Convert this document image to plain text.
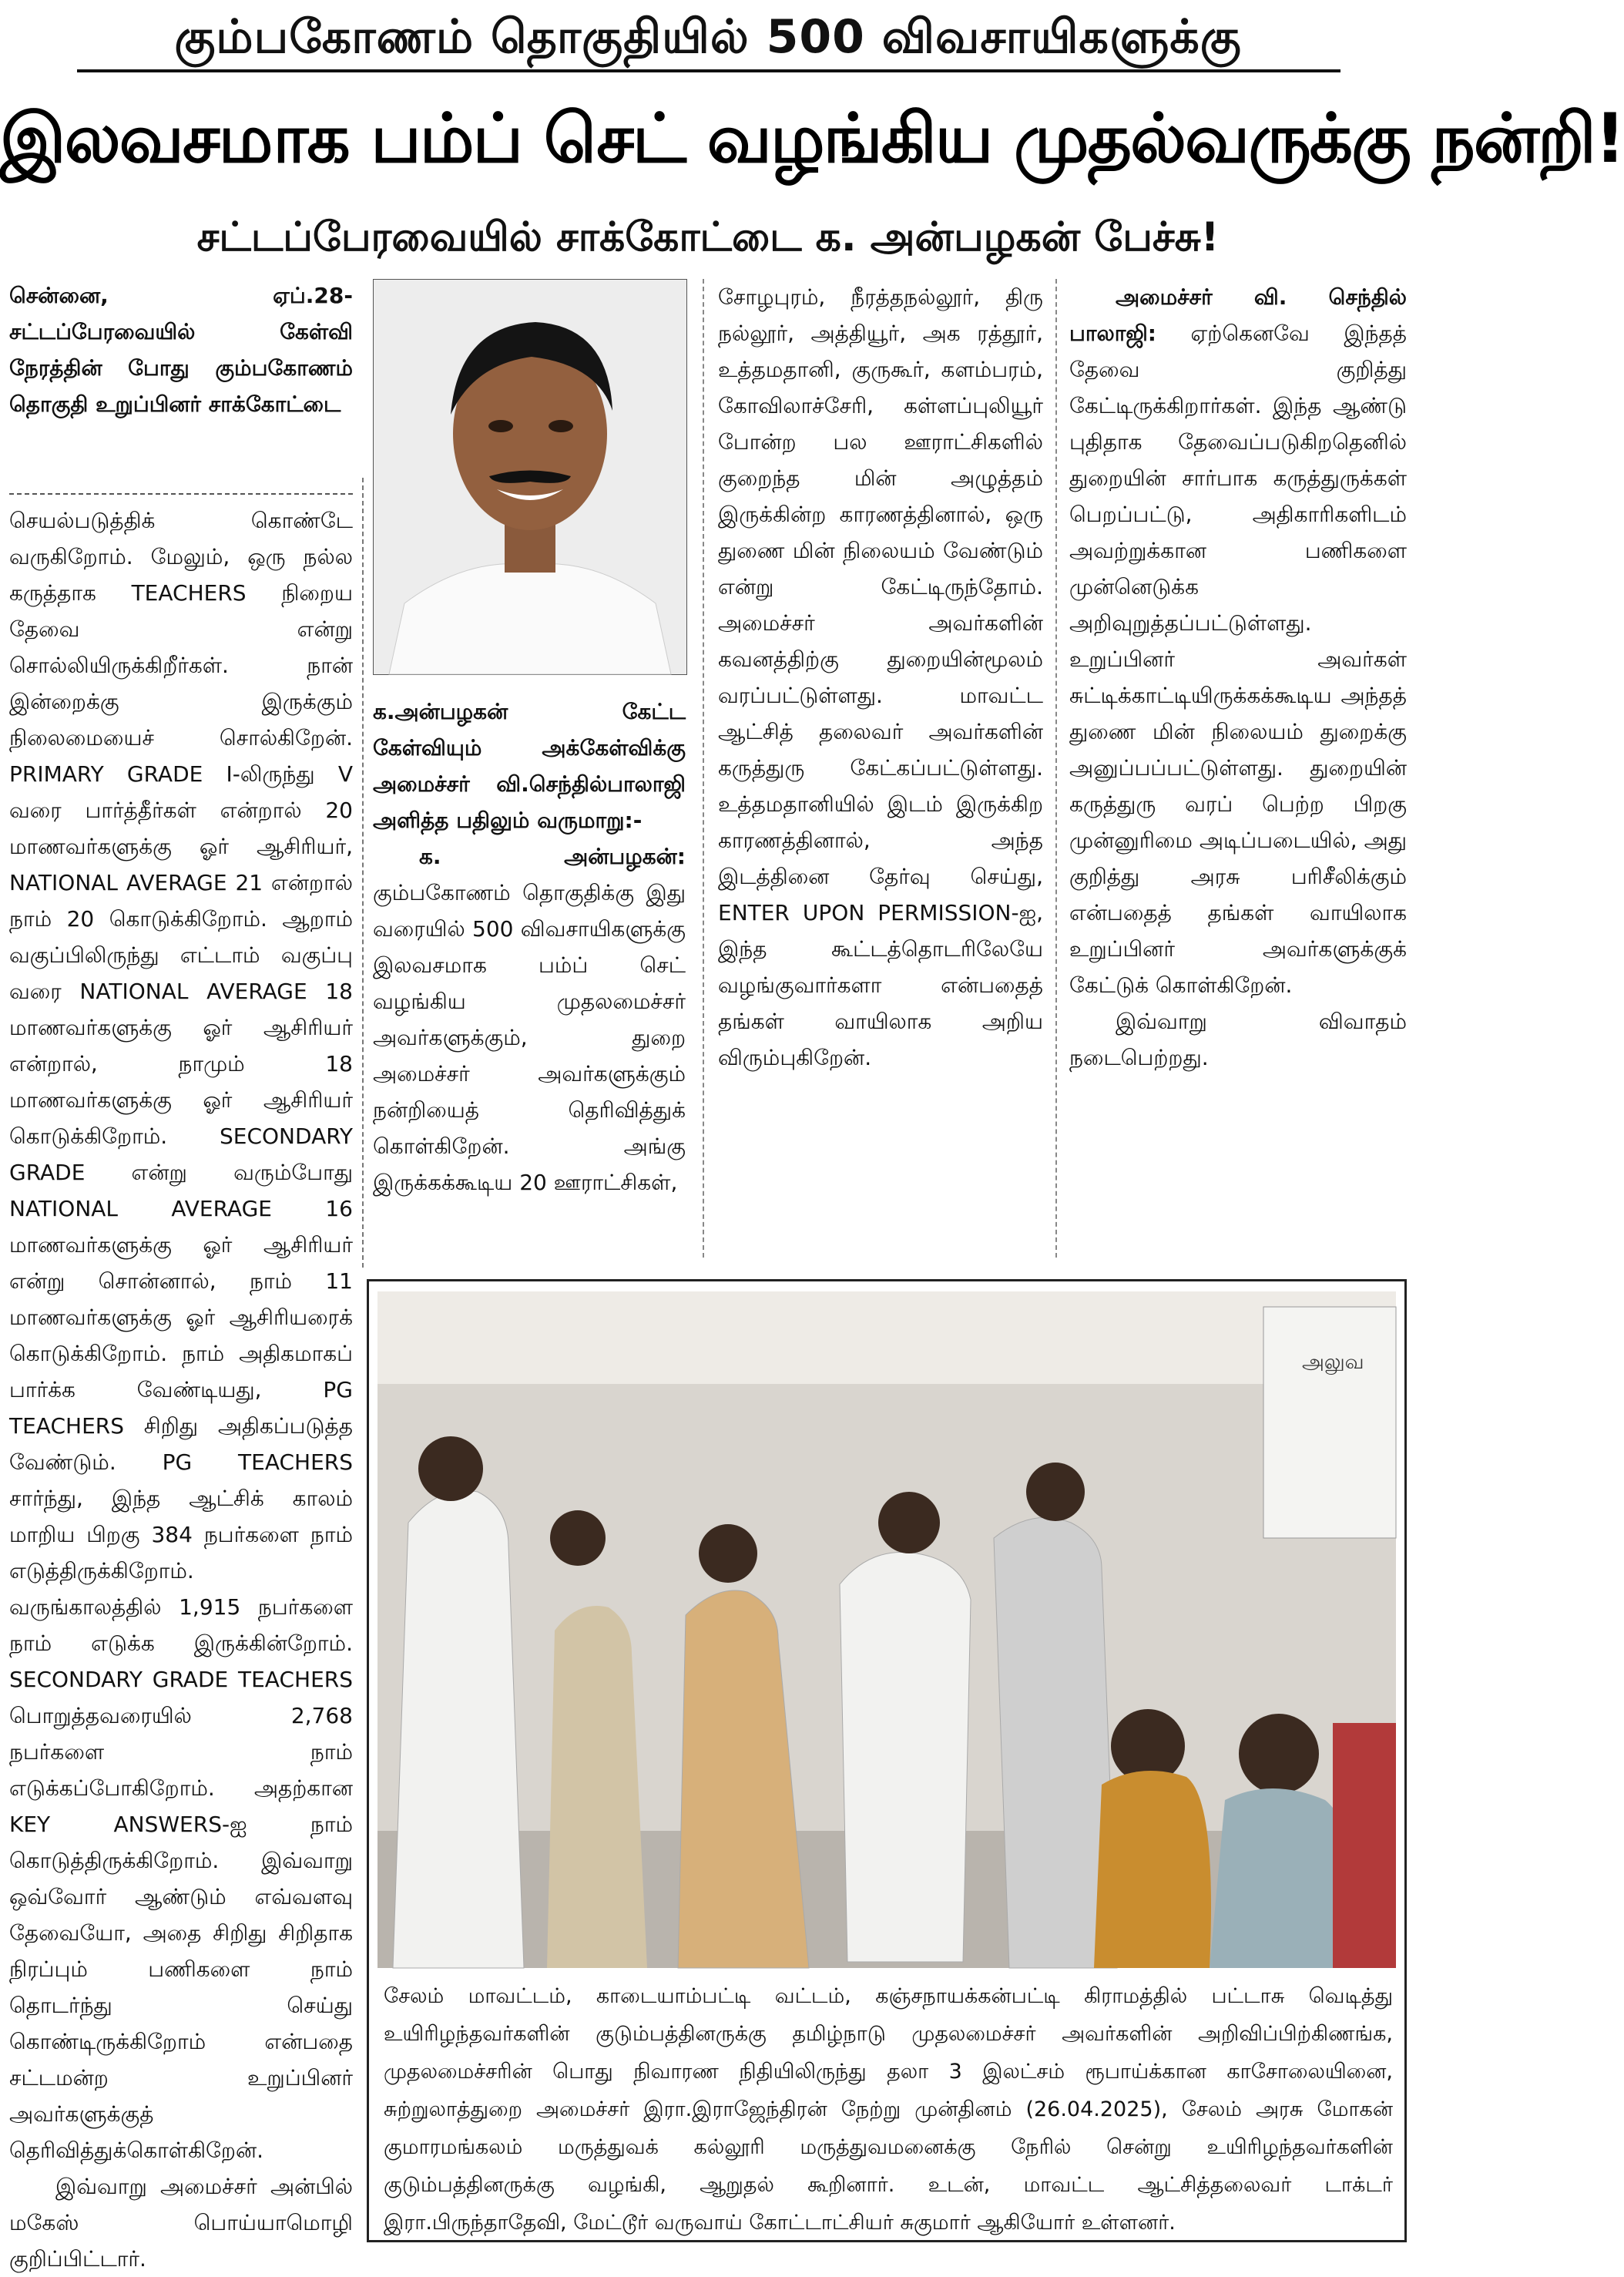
கும்பகோணம் தொகுதியில் 500 விவசாயிகளுக்கு
இலவசமாக பம்ப் செட் வழங்கிய முதல்வருக்கு நன்றி!
சட்டப்பேரவையில் சாக்கோட்டை க. அன்பழகன் பேச்சு!

சென்னை, ஏப்.28- சட்டப்பேரவையில் கேள்வி நேரத்தின் போது கும்பகோணம் தொகுதி உறுப்பினர் சாக்கோட்டை

செயல்படுத்திக் கொண்டே வருகிறோம். மேலும், ஒரு நல்ல கருத்தாக TEACHERS நிறைய தேவை என்று சொல்லியிருக்கிறீர்கள். நான் இன்றைக்கு இருக்கும் நிலைமையைச் சொல்கிறேன். PRIMARY GRADE I-லிருந்து V வரை பார்த்தீர்கள் என்றால் 20 மாணவர்களுக்கு ஓர் ஆசிரியர், NATIONAL AVERAGE 21 என்றால் நாம் 20 கொடுக்கிறோம். ஆறாம் வகுப்பிலிருந்து எட்டாம் வகுப்பு வரை NATIONAL AVERAGE 18 மாணவர்களுக்கு ஓர் ஆசிரியர் என்றால், நாமும் 18 மாணவர்களுக்கு ஓர் ஆசிரியர் கொடுக்கிறோம். SECONDARY GRADE என்று வரும்போது NATIONAL AVERAGE 16 மாணவர்களுக்கு ஓர் ஆசிரியர் என்று சொன்னால், நாம் 11 மாணவர்களுக்கு ஓர் ஆசிரியரைக் கொடுக்கிறோம். நாம் அதிகமாகப் பார்க்க வேண்டியது, PG TEACHERS சிறிது அதிகப்படுத்த வேண்டும். PG TEACHERS சார்ந்து, இந்த ஆட்சிக் காலம் மாறிய பிறகு 384 நபர்களை நாம் எடுத்திருக்கிறோம். வருங்காலத்தில் 1,915 நபர்களை நாம் எடுக்க இருக்கின்றோம். SECONDARY GRADE TEACHERS பொறுத்தவரையில் 2,768 நபர்களை நாம் எடுக்கப்போகிறோம். அதற்கான KEY ANSWERS-ஐ நாம் கொடுத்திருக்கிறோம். இவ்வாறு ஒவ்வோர் ஆண்டும் எவ்வளவு தேவையோ, அதை சிறிது சிறிதாக நிரப்பும் பணிகளை நாம் தொடர்ந்து செய்து கொண்டிருக்கிறோம் என்பதை சட்டமன்ற உறுப்பினர் அவர்களுக்குத் தெரிவித்துக்கொள்கிறேன்.

இவ்வாறு அமைச்சர் அன்பில் மகேஸ் பொய்யாமொழி குறிப்பிட்டார்.

க.அன்பழகன் கேட்ட கேள்வியும் அக்கேள்விக்கு அமைச்சர் வி.செந்தில்பாலாஜி அளித்த பதிலும் வருமாறு:-

க. அன்பழகன்: கும்பகோணம் தொகுதிக்கு இது வரையில் 500 விவசாயிகளுக்கு இலவசமாக பம்ப் செட் வழங்கிய முதலமைச்சர் அவர்களுக்கும், துறை அமைச்சர் அவர்களுக்கும் நன்றியைத் தெரிவித்துக் கொள்கிறேன். அங்கு இருக்கக்கூடிய 20 ஊராட்சிகள்,

சோழபுரம், நீரத்தநல்லூர், திரு நல்லூர், அத்தியூர், அக ரத்தூர், உத்தமதானி, குருகூர், களம்பரம், கோவிலாச்சேரி, கள்ளப்புலியூர் போன்ற பல ஊராட்சிகளில் குறைந்த மின் அழுத்தம் இருக்கின்ற காரணத்தினால், ஒரு துணை மின் நிலையம் வேண்டும் என்று கேட்டிருந்தோம். அமைச்சர் அவர்களின் கவனத்திற்கு துறையின்மூலம் வரப்பட்டுள்ளது. மாவட்ட ஆட்சித் தலைவர் அவர்களின் கருத்துரு கேட்கப்பட்டுள்ளது. உத்தமதானியில் இடம் இருக்கிற காரணத்தினால், அந்த இடத்தினை தேர்வு செய்து, ENTER UPON PERMISSION-ஐ, இந்த கூட்டத்தொடரிலேயே வழங்குவார்களா என்பதைத் தங்கள் வாயிலாக அறிய விரும்புகிறேன்.

அமைச்சர் வி. செந்தில் பாலாஜி: ஏற்கெனவே இந்தத் தேவை குறித்து கேட்டிருக்கிறார்கள். இந்த ஆண்டு புதிதாக தேவைப்படுகிறதெனில் துறையின் சார்பாக கருத்துருக்கள் பெறப்பட்டு, அதிகாரிகளிடம் அவற்றுக்கான பணிகளை முன்னெடுக்க அறிவுறுத்தப்பட்டுள்ளது. உறுப்பினர் அவர்கள் சுட்டிக்காட்டியிருக்கக்கூடிய அந்தத் துணை மின் நிலையம் துறைக்கு அனுப்பப்பட்டுள்ளது. துறையின் கருத்துரு வரப் பெற்ற பிறகு முன்னுரிமை அடிப்படையில், அது குறித்து அரசு பரிசீலிக்கும் என்பதைத் தங்கள் வாயிலாக உறுப்பினர் அவர்களுக்குக் கேட்டுக் கொள்கிறேன்.

இவ்வாறு விவாதம் நடைபெற்றது.

அலுவ
சேலம் மாவட்டம், காடையாம்பட்டி வட்டம், கஞ்சநாயக்கன்பட்டி கிராமத்தில் பட்டாசு வெடித்து உயிரிழந்தவர்களின் குடும்பத்தினருக்கு தமிழ்நாடு முதலமைச்சர் அவர்களின் அறிவிப்பிற்கிணங்க, முதலமைச்சரின் பொது நிவாரண நிதியிலிருந்து தலா 3 இலட்சம் ரூபாய்க்கான காசோலையினை, சுற்றுலாத்துறை அமைச்சர் இரா.இராஜேந்திரன் நேற்று முன்தினம் (26.04.2025), சேலம் அரசு மோகன் குமாரமங்கலம் மருத்துவக் கல்லூரி மருத்துவமனைக்கு நேரில் சென்று உயிரிழந்தவர்களின் குடும்பத்தினருக்கு வழங்கி, ஆறுதல் கூறினார். உடன், மாவட்ட ஆட்சித்தலைவர் டாக்டர் இரா.பிருந்தாதேவி, மேட்டூர் வருவாய் கோட்டாட்சியர் சுகுமார் ஆகியோர் உள்ளனர்.
